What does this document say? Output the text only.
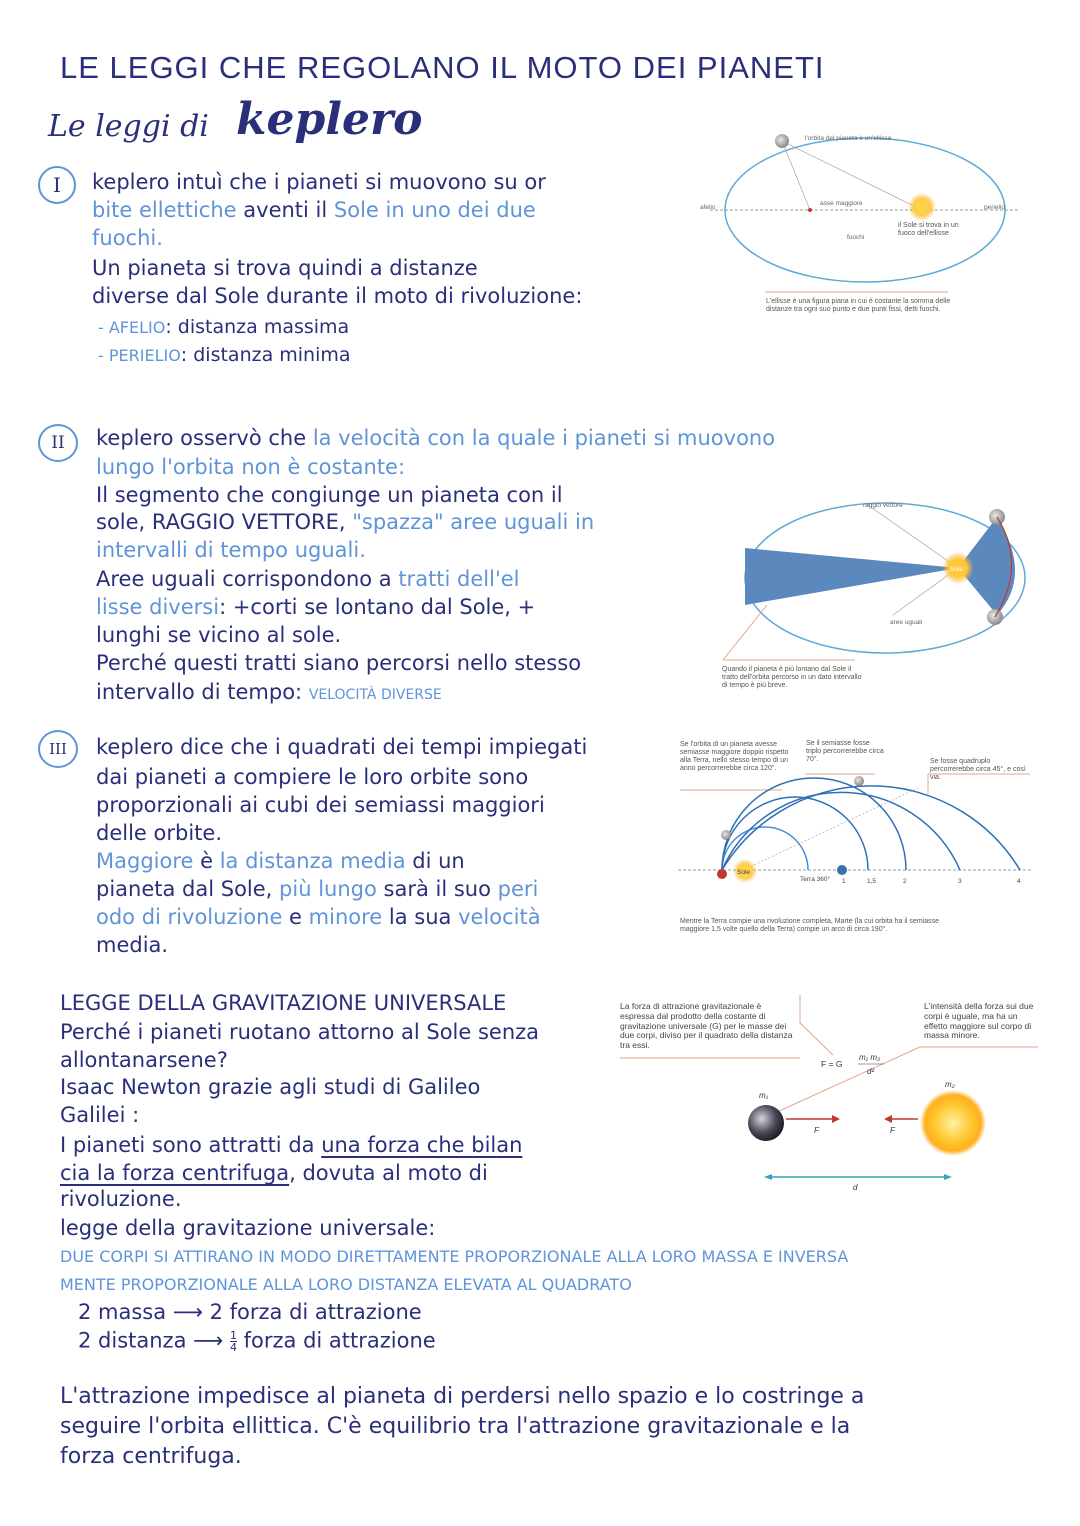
LE LEGGI CHE REGOLANO IL MOTO DEI PIANETI
Le leggi di keplero
I	keplero intuì che i pianeti si muovono su or
bite ellettiche aventi il Sole in uno dei due
fuochi.
Un pianeta si trova quindi a distanze
diverse dal Sole durante il moto di rivoluzione:
- AFELIO: distanza massima
- PERIELIO: distanza minima
l'orbita del pianeta è un'ellisse
asse maggiore
fuochi
afelio	perielio
il Sole si trova in un fuoco dell'ellisse
L'ellisse è una figura piana in cui è costante la somma delle distanze tra ogni suo punto e due punti fissi, detti fuochi.
II	keplero osservò che la velocità con la quale i pianeti si muovono
lungo l'orbita non è costante:
Il segmento che congiunge un pianeta con il
sole, RAGGIO VETTORE, "spazza" aree uguali in
intervalli di tempo uguali.
Aree uguali corrispondono a tratti dell'el
lisse diversi: +corti se lontano dal Sole, +
lunghi se vicino al sole.
Perché questi tratti siano percorsi nello stesso
intervallo di tempo: VELOCITÀ DIVERSE
Sole
raggio vettore
aree uguali
Quando il pianeta è più lontano dal Sole il tratto dell'orbita percorso in un dato intervallo di tempo è più breve.
III	keplero dice che i quadrati dei tempi impiegati
dai pianeti a compiere le loro orbite sono
proporzionali ai cubi dei semiassi maggiori
delle orbite.
Maggiore è la distanza media di un
pianeta dal Sole, più lungo sarà il suo peri
odo di rivoluzione e minore la sua velocità
media.
Se l'orbita di un pianeta avesse semiasse maggiore doppio rispetto alla Terra, nello stesso tempo di un anno percorrerebbe circa 120°.
Se il semiasse fosse triplo percorrerebbe circa 70°.	Se fosse quadruplo percorrerebbe circa 45°, e così via.
Sole
Terra 360° 1	1,5	2	3	4
Mentre la Terra compie una rivoluzione completa, Marte (la cui orbita ha il semiasse maggiore 1,5 volte quello della Terra) compie un arco di circa 190°.
LEGGE DELLA GRAVITAZIONE UNIVERSALE
Perché i pianeti ruotano attorno al Sole senza
allontanarsene?
Isaac Newton grazie agli studi di Galileo
Galilei :
I pianeti sono attratti da una forza che bilan
cia la forza centrifuga, dovuta al moto di
rivoluzione.
legge della gravitazione universale:
DUE CORPI SI ATTIRANO IN MODO DIRETTAMENTE PROPORZIONALE ALLA LORO MASSA E INVERSA
MENTE PROPORZIONALE ALLA LORO DISTANZA ELEVATA AL QUADRATO
2 massa ⟶ 2 forza di attrazione
2 distanza ⟶ $\frac{1}{4}$ forza di attrazione
La forza di attrazione gravitazionale è espressa dal prodotto della costante di gravitazione universale (G) per le masse dei due corpi, diviso per il quadrato della distanza tra essi.
L'intensità della forza sui due corpi è uguale, ma ha un effetto maggiore sul corpo di massa minore.
F = G
m₁ m₂
d²
m₁
m₂
F	F
d
L'attrazione impedisce al pianeta di perdersi nello spazio e lo costringe a
seguire l'orbita ellittica. C'è equilibrio tra l'attrazione gravitazionale e la
forza centrifuga.
